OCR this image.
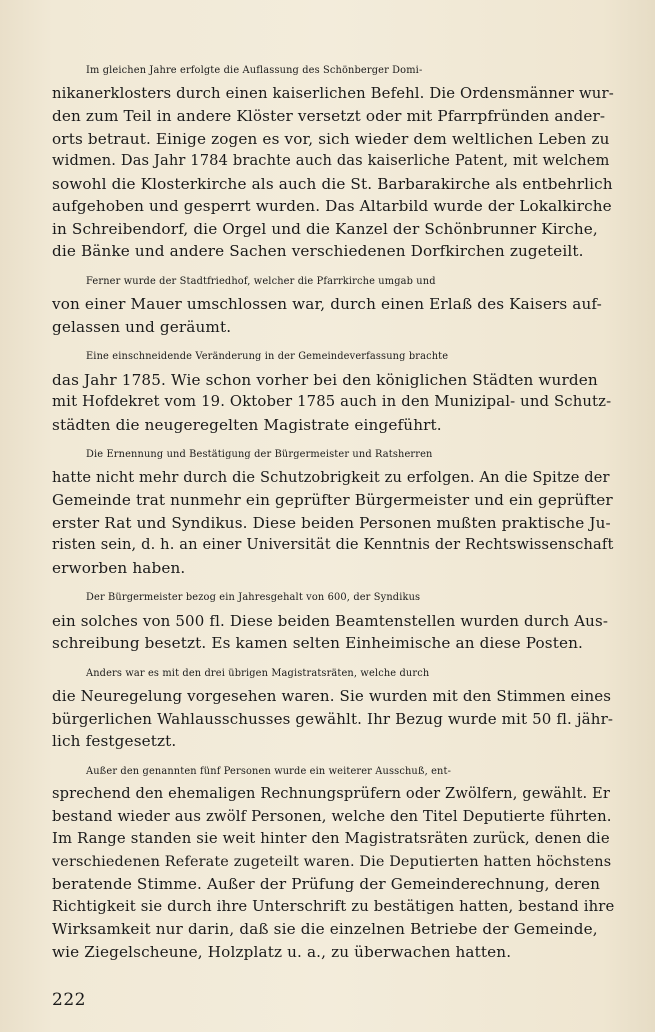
Im gleichen Jahre erfolgte die Auflassung des Schönberger Domi-
nikanerklosters durch einen kaiserlichen Befehl. Die Ordensmänner wur-
den zum Teil in andere Klöster versetzt oder mit Pfarrpfründen ander-
orts betraut. Einige zogen es vor, sich wieder dem weltlichen Leben zu
widmen. Das Jahr 1784 brachte auch das kaiserliche Patent, mit welchem
sowohl die Klosterkirche als auch die St. Barbarakirche als entbehrlich
aufgehoben und gesperrt wurden. Das Altarbild wurde der Lokalkirche
in Schreibendorf, die Orgel und die Kanzel der Schönbrunner Kirche,
die Bänke und andere Sachen verschiedenen Dorfkirchen zugeteilt.

Ferner wurde der Stadtfriedhof, welcher die Pfarrkirche umgab und
von einer Mauer umschlossen war, durch einen Erlaß des Kaisers auf-
gelassen und geräumt.

Eine einschneidende Veränderung in der Gemeindeverfassung brachte
das Jahr 1785. Wie schon vorher bei den königlichen Städten wurden
mit Hofdekret vom 19. Oktober 1785 auch in den Munizipal- und Schutz-
städten die neugeregelten Magistrate eingeführt.

Die Ernennung und Bestätigung der Bürgermeister und Ratsherren
hatte nicht mehr durch die Schutzobrigkeit zu erfolgen. An die Spitze der
Gemeinde trat nunmehr ein geprüfter Bürgermeister und ein geprüfter
erster Rat und Syndikus. Diese beiden Personen mußten praktische Ju-
risten sein, d. h. an einer Universität die Kenntnis der Rechtswissenschaft
erworben haben.

Der Bürgermeister bezog ein Jahresgehalt von 600, der Syndikus
ein solches von 500 fl. Diese beiden Beamtenstellen wurden durch Aus-
schreibung besetzt. Es kamen selten Einheimische an diese Posten.

Anders war es mit den drei übrigen Magistratsräten, welche durch
die Neuregelung vorgesehen waren. Sie wurden mit den Stimmen eines
bürgerlichen Wahlausschusses gewählt. Ihr Bezug wurde mit 50 fl. jähr-
lich festgesetzt.

Außer den genannten fünf Personen wurde ein weiterer Ausschuß, ent-
sprechend den ehemaligen Rechnungsprüfern oder Zwölfern, gewählt. Er
bestand wieder aus zwölf Personen, welche den Titel Deputierte führten.
Im Range standen sie weit hinter den Magistratsräten zurück, denen die
verschiedenen Referate zugeteilt waren. Die Deputierten hatten höchstens
beratende Stimme. Außer der Prüfung der Gemeinderechnung, deren
Richtigkeit sie durch ihre Unterschrift zu bestätigen hatten, bestand ihre
Wirksamkeit nur darin, daß sie die einzelnen Betriebe der Gemeinde,
wie Ziegelscheune, Holzplatz u. a., zu überwachen hatten.

222
